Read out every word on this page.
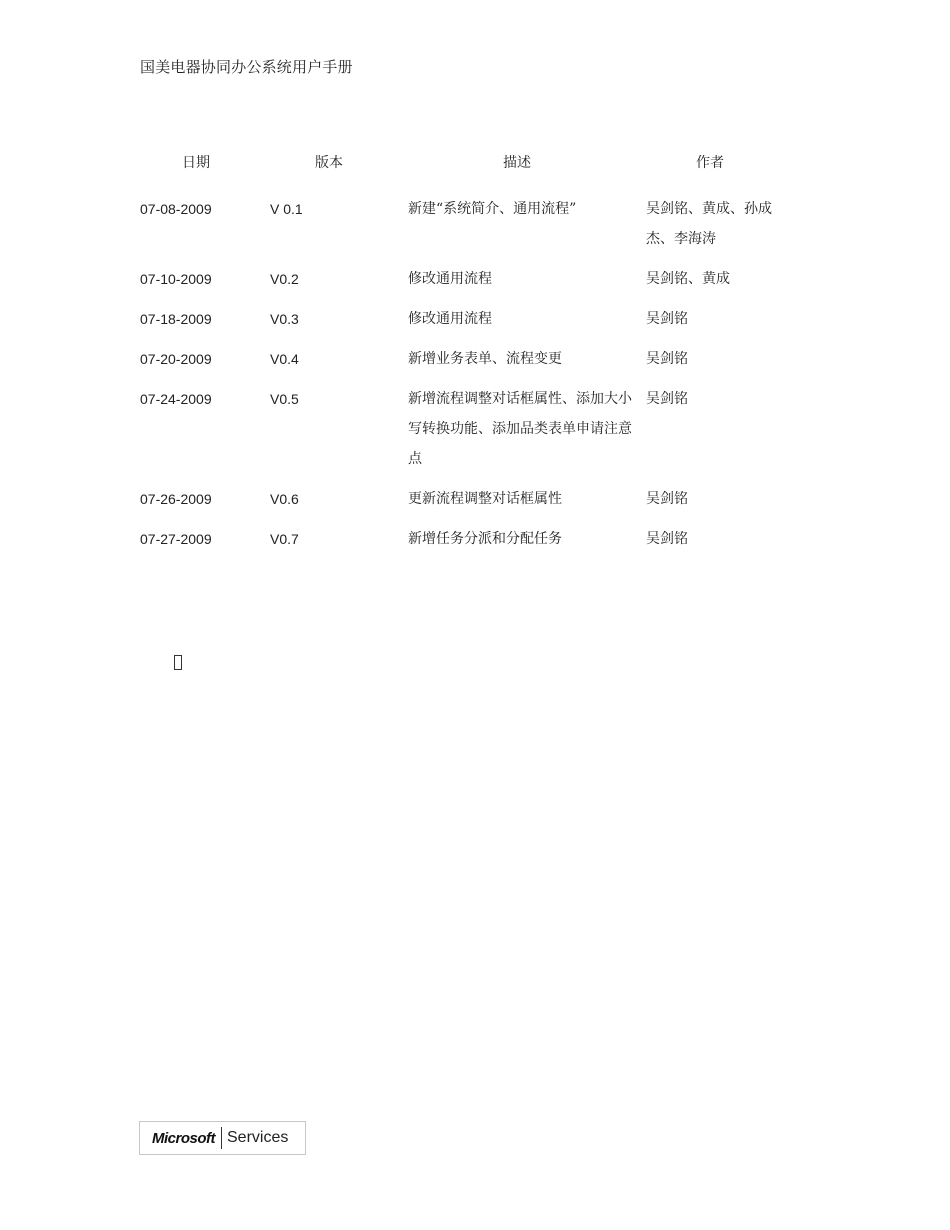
国美电器协同办公系统用户手册
日期	版本	描述	作者
07-08-2009	V 0.1	新建“系统简介、通用流程”	吴剑铭、黄成、孙成杰、李海涛
07-10-2009	V0.2	修改通用流程	吴剑铭、黄成
07-18-2009	V0.3	修改通用流程	吴剑铭
07-20-2009	V0.4	新增业务表单、流程变更	吴剑铭
07-24-2009	V0.5	新增流程调整对话框属性、添加大小写转换功能、添加品类表单申请注意点	吴剑铭
07-26-2009	V0.6	更新流程调整对话框属性	吴剑铭
07-27-2009	V0.7	新增任务分派和分配任务	吴剑铭
Microsoft Services
